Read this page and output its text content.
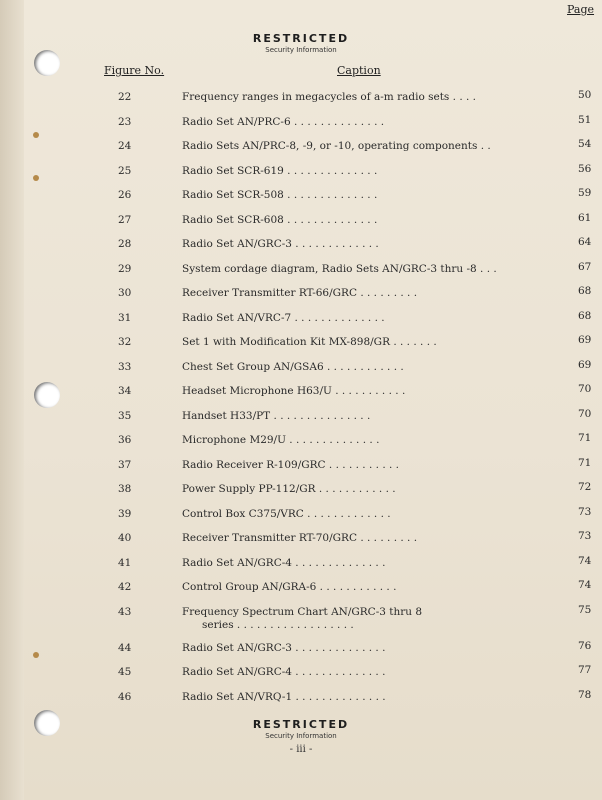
RESTRICTED
Security Information
Figure No.	Caption
Page
22	Frequency ranges in megacycles of a-m radio sets . . . .	50
23	Radio Set AN/PRC-6 . . . . . . . . . . . . . .	51
24	Radio Sets AN/PRC-8, -9, or -10, operating components . .	54
25	Radio Set SCR-619 . . . . . . . . . . . . . .	56
26	Radio Set SCR-508 . . . . . . . . . . . . . .	59
27	Radio Set SCR-608 . . . . . . . . . . . . . .	61
28	Radio Set AN/GRC-3 . . . . . . . . . . . . .	64
29	System cordage diagram, Radio Sets AN/GRC-3 thru -8 . . .	67
30	Receiver Transmitter RT-66/GRC . . . . . . . . .	68
31	Radio Set AN/VRC-7 . . . . . . . . . . . . . .	68
32	Set 1 with Modification Kit MX-898/GR . . . . . . .	69
33	Chest Set Group AN/GSA6 . . . . . . . . . . . .	69
34	Headset Microphone H63/U . . . . . . . . . . .	70
35	Handset H33/PT . . . . . . . . . . . . . . .	70
36	Microphone M29/U . . . . . . . . . . . . . .	71
37	Radio Receiver R-109/GRC . . . . . . . . . . .	71
38	Power Supply PP-112/GR . . . . . . . . . . . .	72
39	Control Box C375/VRC . . . . . . . . . . . . .	73
40	Receiver Transmitter RT-70/GRC . . . . . . . . .	73
41	Radio Set AN/GRC-4 . . . . . . . . . . . . . .	74
42	Control Group AN/GRA-6 . . . . . . . . . . . .	74
43	Frequency Spectrum Chart AN/GRC-3 thru 8
series . . . . . . . . . . . . . . . . . .
75
44	Radio Set AN/GRC-3 . . . . . . . . . . . . . .	76
45	Radio Set AN/GRC-4 . . . . . . . . . . . . . .	77
46	Radio Set AN/VRQ-1 . . . . . . . . . . . . . .	78
RESTRICTED
Security Information
- iii -
